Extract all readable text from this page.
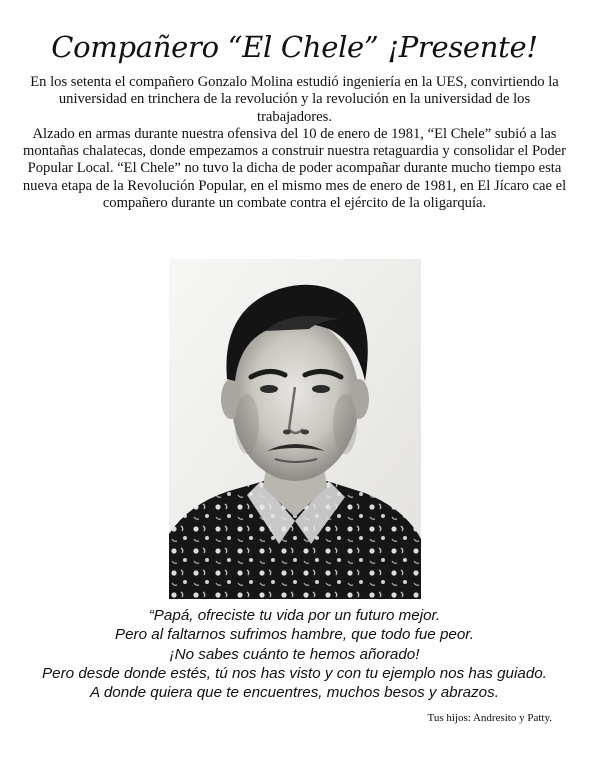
Compañero “El Chele” ¡Presente!

En los setenta el compañero Gonzalo Molina estudió ingeniería en la UES, convirtiendo la universidad en trinchera de la revolución y la revolución en la universidad de los trabajadores.

Alzado en armas durante nuestra ofensiva del 10 de enero de 1981, “El Chele” subió a las montañas chalatecas, donde empezamos a construir nuestra retaguardia y consolidar el Poder Popular Local. “El Chele” no tuvo la dicha de poder acompañar durante mucho tiempo esta nueva etapa de la Revolución Popular, en el mismo mes de enero de 1981, en El Jícaro cae el compañero durante un combate contra el ejército de la oligarquía.

“Papá, ofreciste tu vida por un futuro mejor.
Pero al faltarnos sufrimos hambre, que todo fue peor.
¡No sabes cuánto te hemos añorado!
Pero desde donde estés, tú nos has visto y con tu ejemplo nos has guiado.
A donde quiera que te encuentres, muchos besos y abrazos.
Tus hijos: Andresito y Patty.
